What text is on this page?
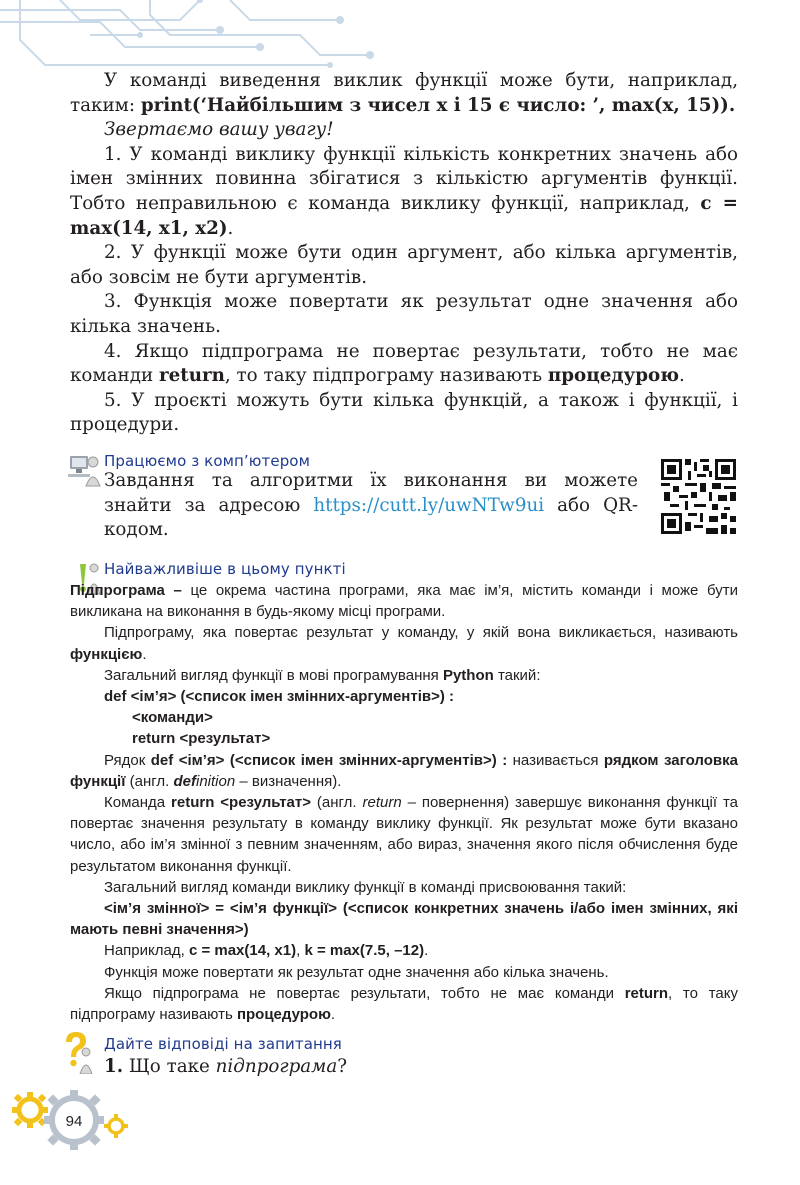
У команді виведення виклик функції може бути, наприклад, таким: print(‘Найбільшим з чисел x і 15 є число: ’, max(x, 15)).

Звертаємо вашу увагу!

1. У команді виклику функції кількість конкретних значень або імен змінних повинна збігатися з кількістю аргументів функції. Тобто неправильною є команда виклику функції, наприклад, c = max(14, x1, x2).

2. У функції може бути один аргумент, або кілька аргументів, або зовсім не бути аргументів.

3. Функція може повертати як результат одне значення або кілька значень.

4. Якщо підпрограма не повертає результати, тобто не має команди return, то таку підпрограму називають процедурою.

5. У проєкті можуть бути кілька функцій, а також і функції, і процедури.

Працюємо з комп’ютером

Завдання та алгоритми їх виконання ви можете знайти за адресою https://cutt.ly/uwNTw9ui або QR-кодом.

Найважливіше в цьому пункті

Підпрограма – це окрема частина програми, яка має ім’я, містить команди і може бути викликана на виконання в будь-якому місці програми.

Підпрограму, яка повертає результат у команду, у якій вона викликається, називають функцією.

Загальний вигляд функції в мові програмування Python такий:

def <ім’я> (<список імен змінних-аргументів>) :

<команди>

return <результат>

Рядок def <ім’я> (<список імен змінних-аргументів>) : називається рядком заголовка функції (англ. definition – визначення).

Команда return <результат> (англ. return – повернення) завершує виконання функції та повертає значення результату в команду виклику функції. Як результат може бути вказано число, або ім’я змінної з певним значенням, або вираз, значення якого після обчислення буде результатом виконання функції.

Загальний вигляд команди виклику функції в команді присвоювання такий:

<ім’я змінної> = <ім’я функції> (<список конкретних значень і/або імен змінних, які мають певні значення>)

Наприклад, c = max(14, x1), k = max(7.5, –12).

Функція може повертати як результат одне значення або кілька значень.

Якщо підпрограма не повертає результати, тобто не має команди return, то таку підпрограму називають процедурою.

Дайте відповіді на запитання
1. Що таке підпрограма?
94
